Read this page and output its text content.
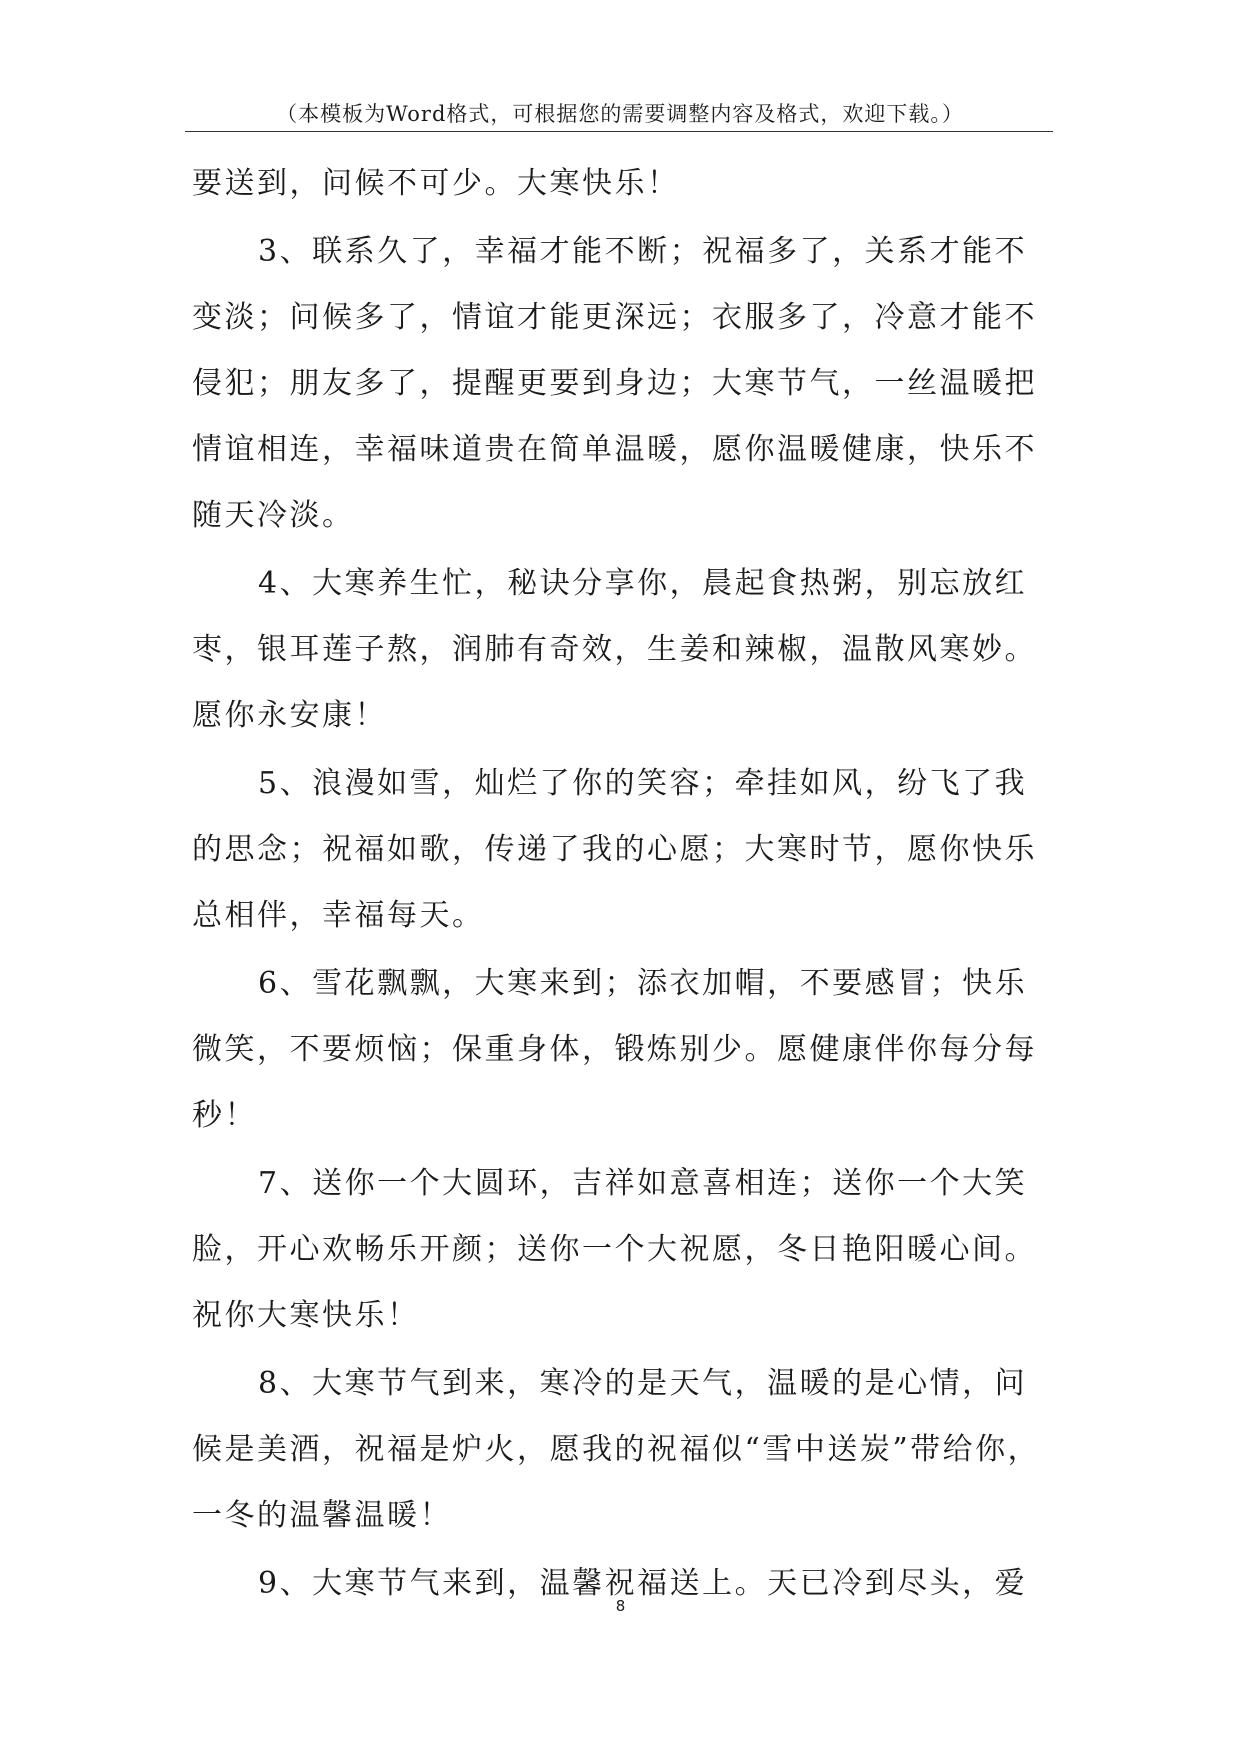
（本模板为Word格式，可根据您的需要调整内容及格式，欢迎下载。）
要送到，问候不可少。大寒快乐！
3、联系久了，幸福才能不断；祝福多了，关系才能不
变淡；问候多了，情谊才能更深远；衣服多了，冷意才能不
侵犯；朋友多了，提醒更要到身边；大寒节气，一丝温暖把
情谊相连，幸福味道贵在简单温暖，愿你温暖健康，快乐不
随天冷淡。
4、大寒养生忙，秘诀分享你，晨起食热粥，别忘放红
枣，银耳莲子熬，润肺有奇效，生姜和辣椒，温散风寒妙。
愿你永安康！
5、浪漫如雪，灿烂了你的笑容；牵挂如风，纷飞了我
的思念；祝福如歌，传递了我的心愿；大寒时节，愿你快乐
总相伴，幸福每天。
6、雪花飘飘，大寒来到；添衣加帽，不要感冒；快乐
微笑，不要烦恼；保重身体，锻炼别少。愿健康伴你每分每
秒！
7、送你一个大圆环，吉祥如意喜相连；送你一个大笑
脸，开心欢畅乐开颜；送你一个大祝愿，冬日艳阳暖心间。
祝你大寒快乐！
8、大寒节气到来，寒冷的是天气，温暖的是心情，问
候是美酒，祝福是炉火，愿我的祝福似“雪中送炭”带给你，
一冬的温馨温暖！
9、大寒节气来到，温馨祝福送上。天已冷到尽头，爱
8
